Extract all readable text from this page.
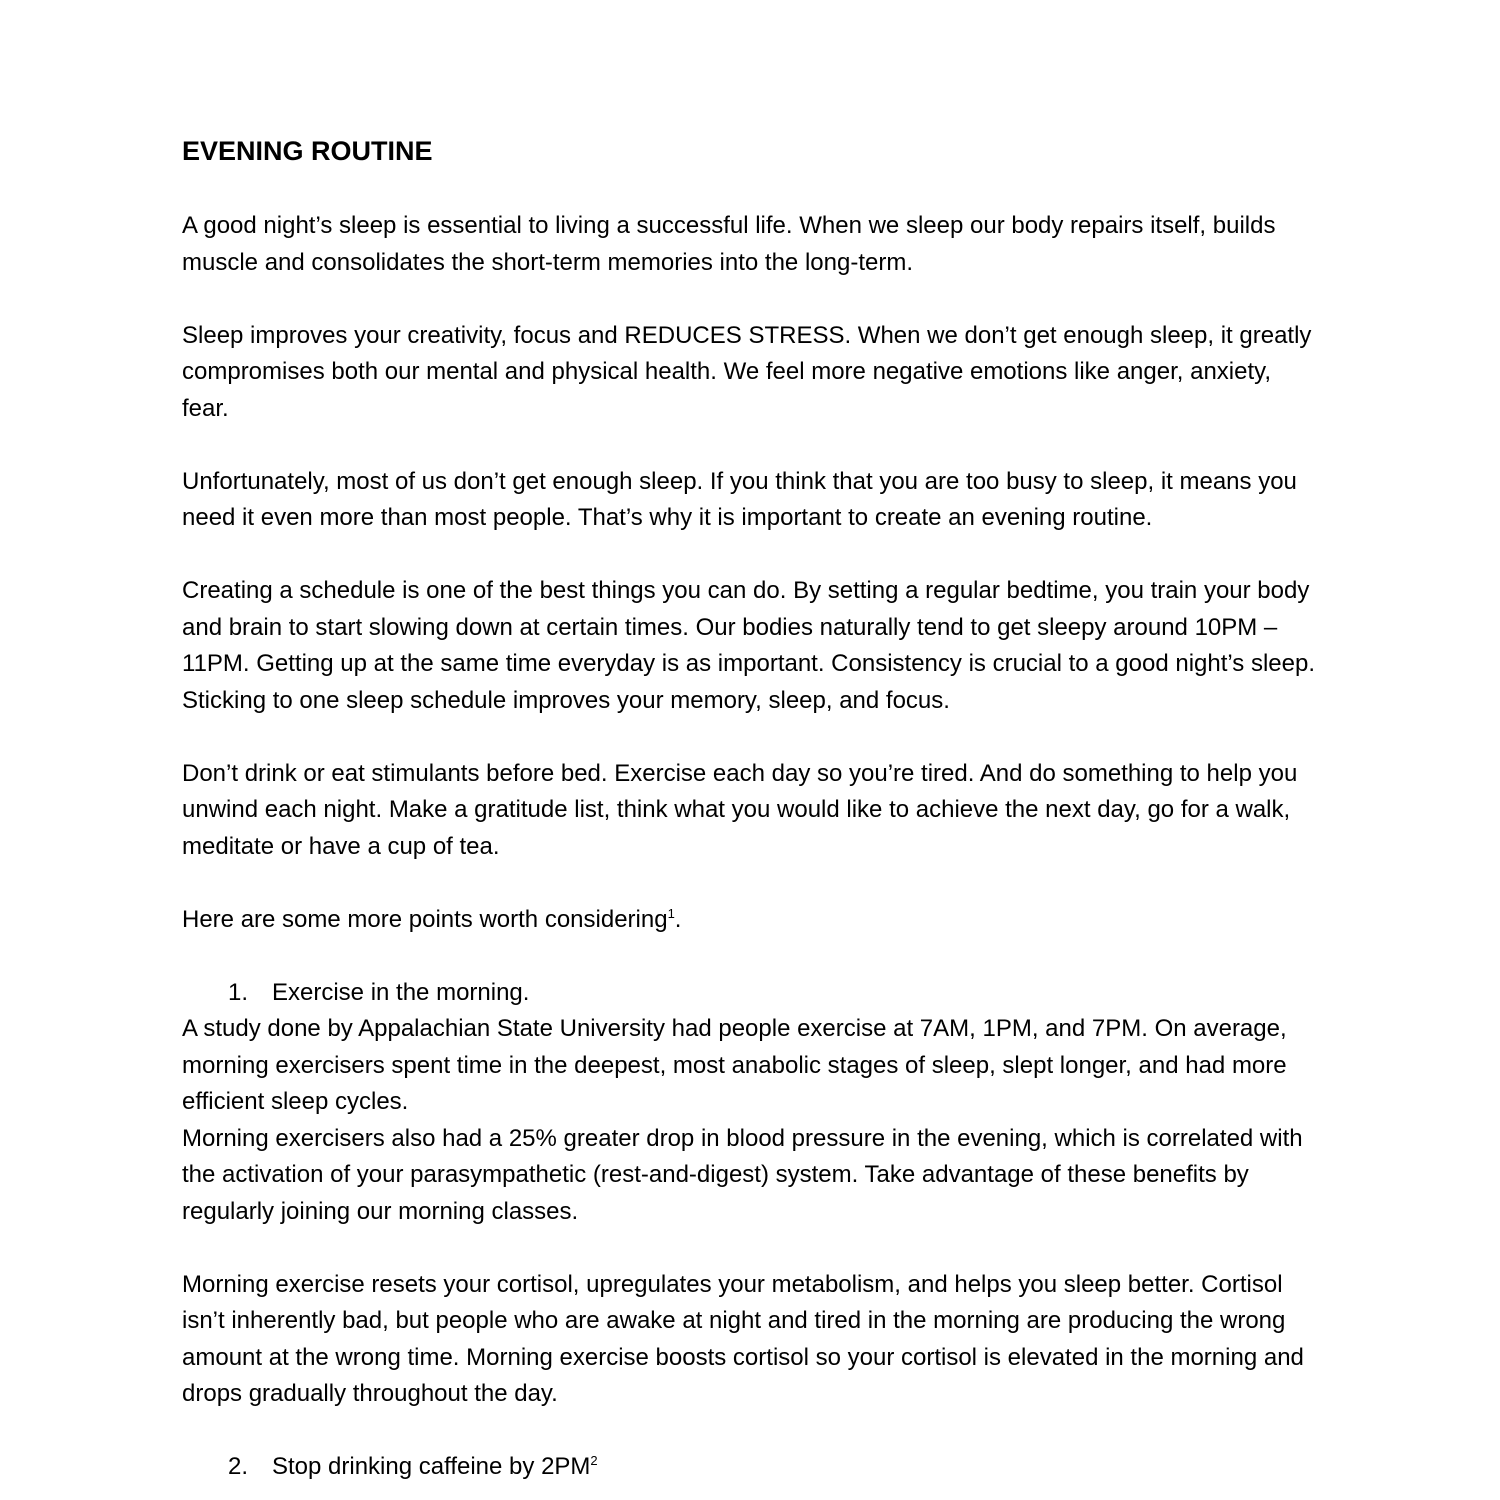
EVENING ROUTINE

A good night’s sleep is essential to living a successful life. When we sleep our body repairs itself, builds muscle and consolidates the short-term memories into the long-term.

Sleep improves your creativity, focus and REDUCES STRESS. When we don’t get enough sleep, it greatly compromises both our mental and physical health. We feel more negative emotions like anger, anxiety, fear.

Unfortunately, most of us don’t get enough sleep. If you think that you are too busy to sleep, it means you need it even more than most people. That’s why it is important to create an evening routine.

Creating a schedule is one of the best things you can do. By setting a regular bedtime, you train your body and brain to start slowing down at certain times. Our bodies naturally tend to get sleepy around 10PM – 11PM. Getting up at the same time everyday is as important. Consistency is crucial to a good night’s sleep. Sticking to one sleep schedule improves your memory, sleep, and focus.

Don’t drink or eat stimulants before bed. Exercise each day so you’re tired. And do something to help you unwind each night. Make a gratitude list, think what you would like to achieve the next day, go for a walk, meditate or have a cup of tea.

Here are some more points worth considering$^1$.

1. Exercise in the morning.

A study done by Appalachian State University had people exercise at 7AM, 1PM, and 7PM. On average, morning exercisers spent time in the deepest, most anabolic stages of sleep, slept longer, and had more efficient sleep cycles.

Morning exercisers also had a 25% greater drop in blood pressure in the evening, which is correlated with the activation of your parasympathetic (rest-and-digest) system. Take advantage of these benefits by regularly joining our morning classes.

Morning exercise resets your cortisol, upregulates your metabolism, and helps you sleep better. Cortisol isn’t inherently bad, but people who are awake at night and tired in the morning are producing the wrong amount at the wrong time. Morning exercise boosts cortisol so your cortisol is elevated in the morning and drops gradually throughout the day.

2. Stop drinking caffeine by $2PM^2$
